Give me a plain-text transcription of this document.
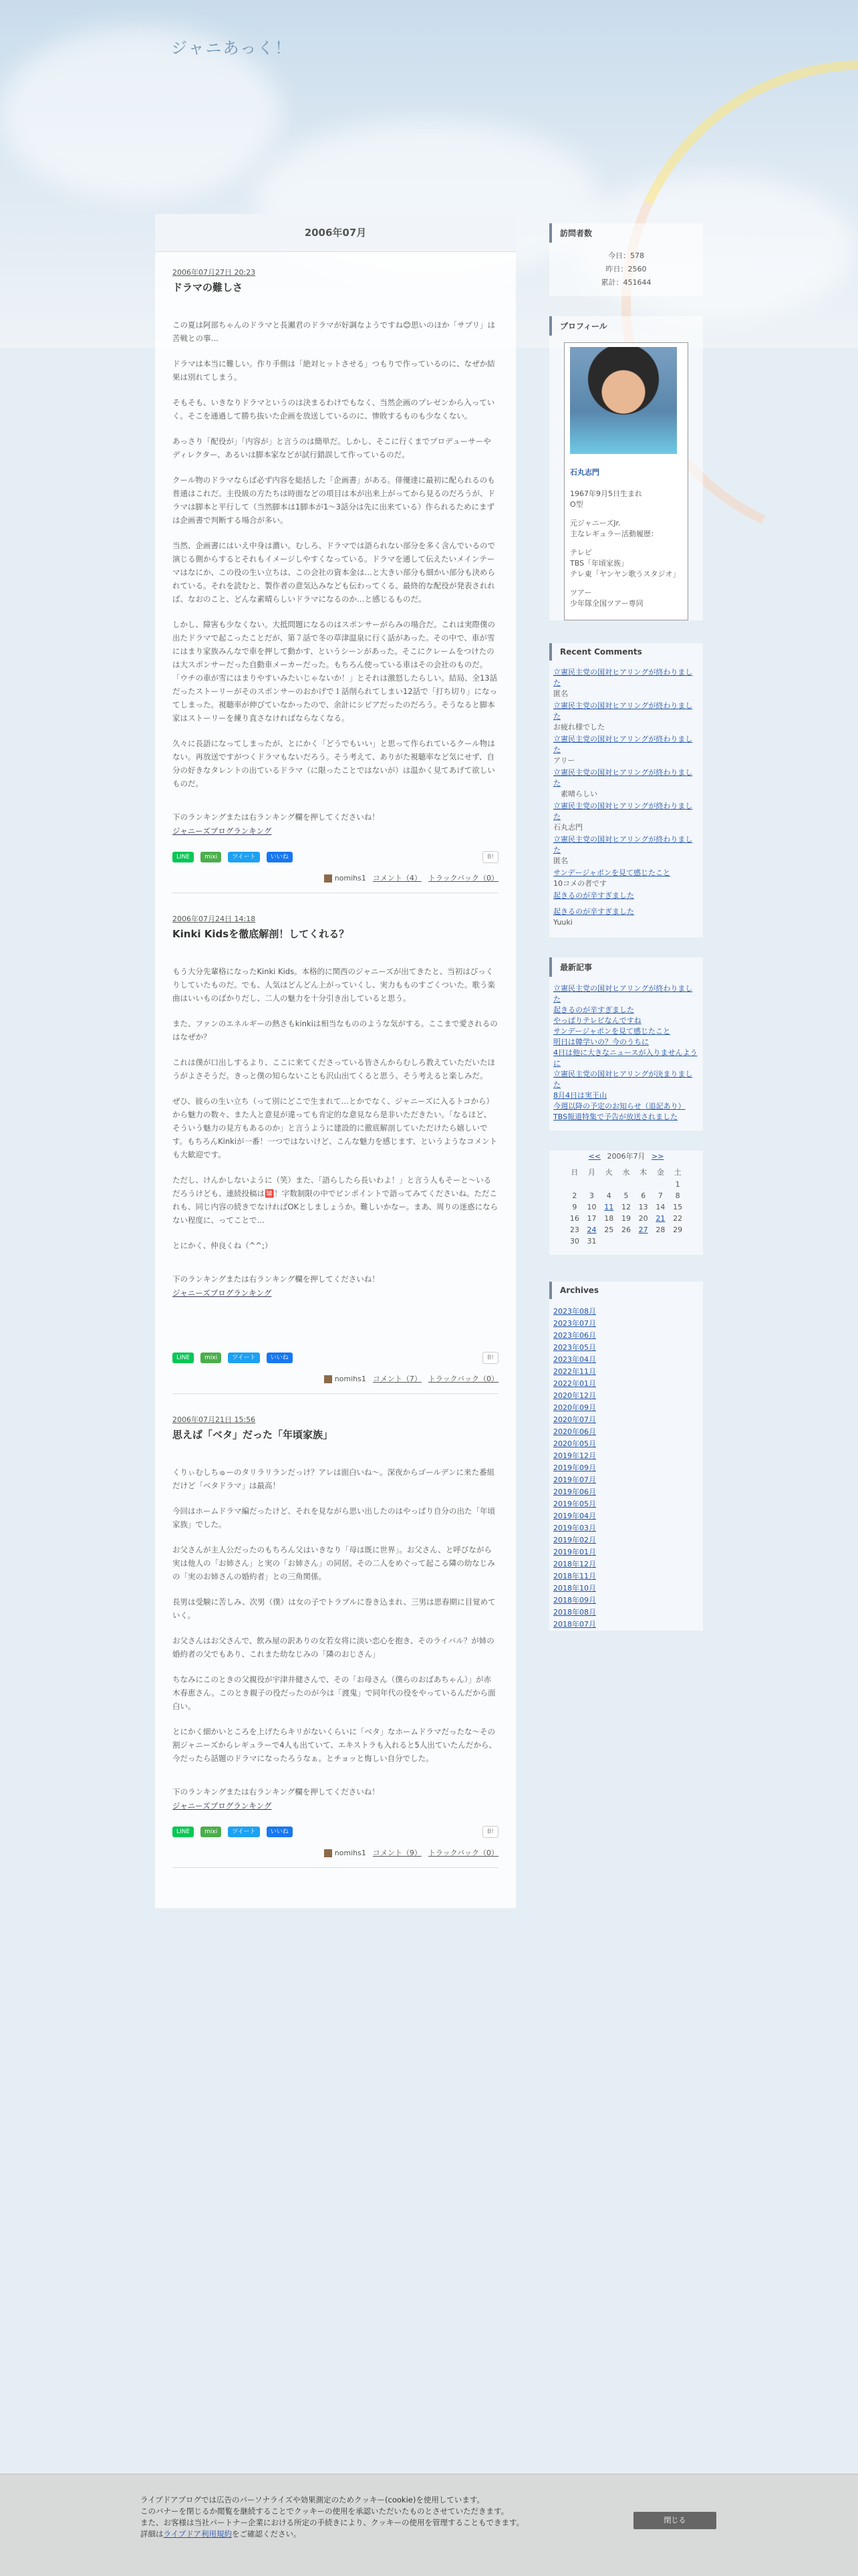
ジャニあっく！
2006年07月
2006年07月27日 20:23
ドラマの難しさ

この夏は阿部ちゃんのドラマと長瀬君のドラマが好調なようですね😊思いのほか「サプリ」は苦戦との事…

ドラマは本当に難しい。作り手側は「絶対ヒットさせる」つもりで作っているのに、なぜか結果は別れてしまう。

そもそも、いきなりドラマというのは決まるわけでもなく、当然企画のプレゼンから入っていく。そこを通過して勝ち抜いた企画を放送しているのに、惨敗するものも少なくない。

あっさり「配役が」「内容が」と言うのは簡単だ。しかし、そこに行くまでプロデューサーやディレクター、あるいは脚本家などが試行錯誤して作っているのだ。

クール物のドラマならば必ず内容を総括した「企画書」がある。俳優達に最初に配られるのも普通はこれだ。主役級の方たちは時面などの項目は本が出来上がってから見るのだろうが、ドラマは脚本と平行して（当然脚本は1脚本が1～3話分は先に出来ている）作られるためにまずは企画書で判断する場合が多い。

当然、企画書にはいえ中身は濃い。むしろ、ドラマでは語られない部分を多く含んでいるので演じる側からするとそれもイメージしやすくなっている。ドラマを通して伝えたいメインテーマはなにか、この役の生い立ちは、この会社の資本金は…と大きい部分も細かい部分も決められている。それを読むと、製作者の意気込みなども伝わってくる。最終的な配役が発表されれば、なおのこと、どんな素晴らしいドラマになるのか…と感じるものだ。

しかし、障害も少なくない。大抵問題になるのはスポンサーがらみの場合だ。これは実際僕の出たドラマで起こったことだが、第７話で冬の草津温泉に行く話があった。その中で、車が雪にはまり家族みんなで車を押して動かす、というシーンがあった。そこにクレームをつけたのは大スポンサーだった自動車メーカーだった。もちろん使っている車はその会社のものだ。「ウチの車が雪にはまりやすいみたいじゃないか！」とそれは激怒したらしい。結局、全13話だったストーリーがそのスポンサーのおかげで１話削られてしまい12話で「打ち切り」になってしまった。視聴率が伸びていなかったので、余計にシビアだったのだろう。そうなると脚本家はストーリーを練り直さなければならなくなる。

久々に長語になってしまったが、とにかく「どうでもいい」と思って作られているクール物はない。再放送ですがつくドラマもないだろう。そう考えて、ありがた視聴率など気にせず、自分の好きなタレントの出ているドラマ（に限ったことではないが）は温かく見てあげて欲しいものだ。

下のランキングまたは右ランキング欄を押してくださいね！

ジャニーズブログランキング
LINE	mixi	ツイート	いいね	B!
nomihs1 コメント（4） トラックバック（0）
2006年07月24日 14:18
Kinki Kidsを徹底解剖！してくれる？

もう大分先輩格になったKinki Kids。本格的に関西のジャニーズが出てきたと、当初はびっくりしていたものだ。でも、人気はどんどん上がっていくし、実力もものすごくついた。歌う楽曲はいいものばかりだし、二人の魅力を十分引き出していると思う。

また、ファンのエネルギーの熱さもkinkiは相当なもののような気がする。ここまで愛されるのはなぜか？

これは僕が口出しするより、ここに来てくださっている皆さんからむしろ教えていただいたほうがよさそうだ。きっと僕の知らないことも沢山出てくると思う。そう考えると楽しみだ。

ぜひ、彼らの生い立ち（って別にどこで生まれて…とかでなく、ジャニーズに入るトコから）から魅力の数々、また人と意見が違っても肯定的な意見なら是非いただきたい。「なるほど、そういう魅力の見方もあるのか」と言うように建設的に徹底解剖していただけたら嬉しいです。もちろんKinkiが一番！一つではないけど、こんな魅力を感じます、というようなコメントも大歓迎です。

ただし、けんかしないように（笑）また、「語らしたら長いわよ！」と言う人もそーと～いるだろうけども、連続投稿は🈲！字数制限の中でビンポイントで語ってみてくださいね。ただこれも、同じ内容の続きでなければOKとしましょうか。難しいかなー。まあ、周りの迷惑にならない程度に、ってことで…

とにかく、仲良くね（^^;）

下のランキングまたは右ランキング欄を押してくださいね！

ジャニーズブログランキング
LINE	mixi	ツイート	いいね	B!
nomihs1 コメント（7） トラックバック（0）
2006年07月21日 15:56
思えば「ベタ」だった「年頃家族」

くりぃむしちゅーのタリラリランだっけ？アレは面白いね～。深夜からゴールデンに来た番組だけど「ベタドラマ」は最高！

今回はホームドラマ編だったけど、それを見ながら思い出したのはやっぱり自分の出た「年頃家族」でした。

お父さんが主人公だったのもちろん父はいきなり「母は既に世界」。お父さん、と呼びながら実は他人の「お姉さん」と実の「お姉さん」の同居。その二人をめぐって起こる隣の幼なじみの「実のお姉さんの婚約者」との三角関係。

長男は受験に苦しみ、次男（僕）は女の子でトラブルに巻き込まれ、三男は思春期に目覚めていく。

お父さんはお父さんで、飲み屋の訳ありの女若女将に淡い恋心を抱き、そのライバル？が姉の婚約者の父でもあり、これまた幼なじみの「隣のおじさん」

ちなみにこのときの父親役が宇津井健さんで、その「お母さん（僕らのおばあちゃん）」が赤木春恵さん。このとき親子の役だったのが今は「渡鬼」で同年代の役をやっているんだから面白い。

とにかく細かいところを上げたらキリがないくらいに「ベタ」なホームドラマだったな～その割ジャニーズからレギュラーで4人も出ていて、エキストラも入れると5人出ていたんだから、今だったら話題のドラマになったろうなぁ。とチョッと悔しい自分でした。

下のランキングまたは右ランキング欄を押してくださいね！

ジャニーズブログランキング
LINE	mixi	ツイート	いいね	B!
nomihs1 コメント（9） トラックバック（0）
訪問者数
今日：578
昨日：2560
累計：451644
プロフィール
石丸志門
1967年9月5日生まれ
O型
元ジャニーズJr.
主なレギュラー活動履歴：
テレビ
TBS「年頃家族」
テレ東「ヤンヤン歌うスタジオ」
ツアー
少年隊全国ツアー専同
Recent Comments
立憲民主党の国対ヒアリングが終わりました
匿名
立憲民主党の国対ヒアリングが終わりました
お疲れ様でした
立憲民主党の国対ヒアリングが終わりました
アリー
立憲民主党の国対ヒアリングが終わりました
　素晴らしい
立憲民主党の国対ヒアリングが終わりました
石丸志門
立憲民主党の国対ヒアリングが終わりました
匿名
サンデージャポンを見て感じたこと
10コメの者です
起きるのが辛すぎました
起きるのが辛すぎました
Yuuki
最新記事
立憲民主党の国対ヒアリングが終わりました
起きるのが辛すぎました
やっぱりテレビなんですね
サンデージャポンを見て感じたこと
明日は韓学いの？今のうちに
4日は他に大きなニュースが入りませんように
立憲民主党の国対ヒアリングが決まりました
8月4日は実王山
今週以降の予定のお知らせ（追記あり）
TBS報道特集で予告が放送されました
<< 2006年7月 >>
日	月	火	水	木	金	土
						1
2	3	4	5	6	7	8
9	10	11	12	13	14	15
16	17	18	19	20	21	22
23	24	25	26	27	28	29
30	31					
Archives
2023年08月
2023年07月
2023年06月
2023年05月
2023年04月
2022年11月
2022年01月
2020年12月
2020年09月
2020年07月
2020年06月
2020年05月
2019年12月
2019年09月
2019年07月
2019年06月
2019年05月
2019年04月
2019年03月
2019年02月
2019年01月
2018年12月
2018年11月
2018年10月
2018年09月
2018年08月
2018年07月
ライブドアブログでは広告のパーソナライズや効果測定のためクッキー(cookie)を使用しています。
このバナーを閉じるか閲覧を継続することでクッキーの使用を承認いただいたものとさせていただきます。
また、お客様は当社パートナー企業における所定の手続きにより、クッキーの使用を管理することもできます。
詳細はライブドア利用規約をご確認ください。
閉じる
